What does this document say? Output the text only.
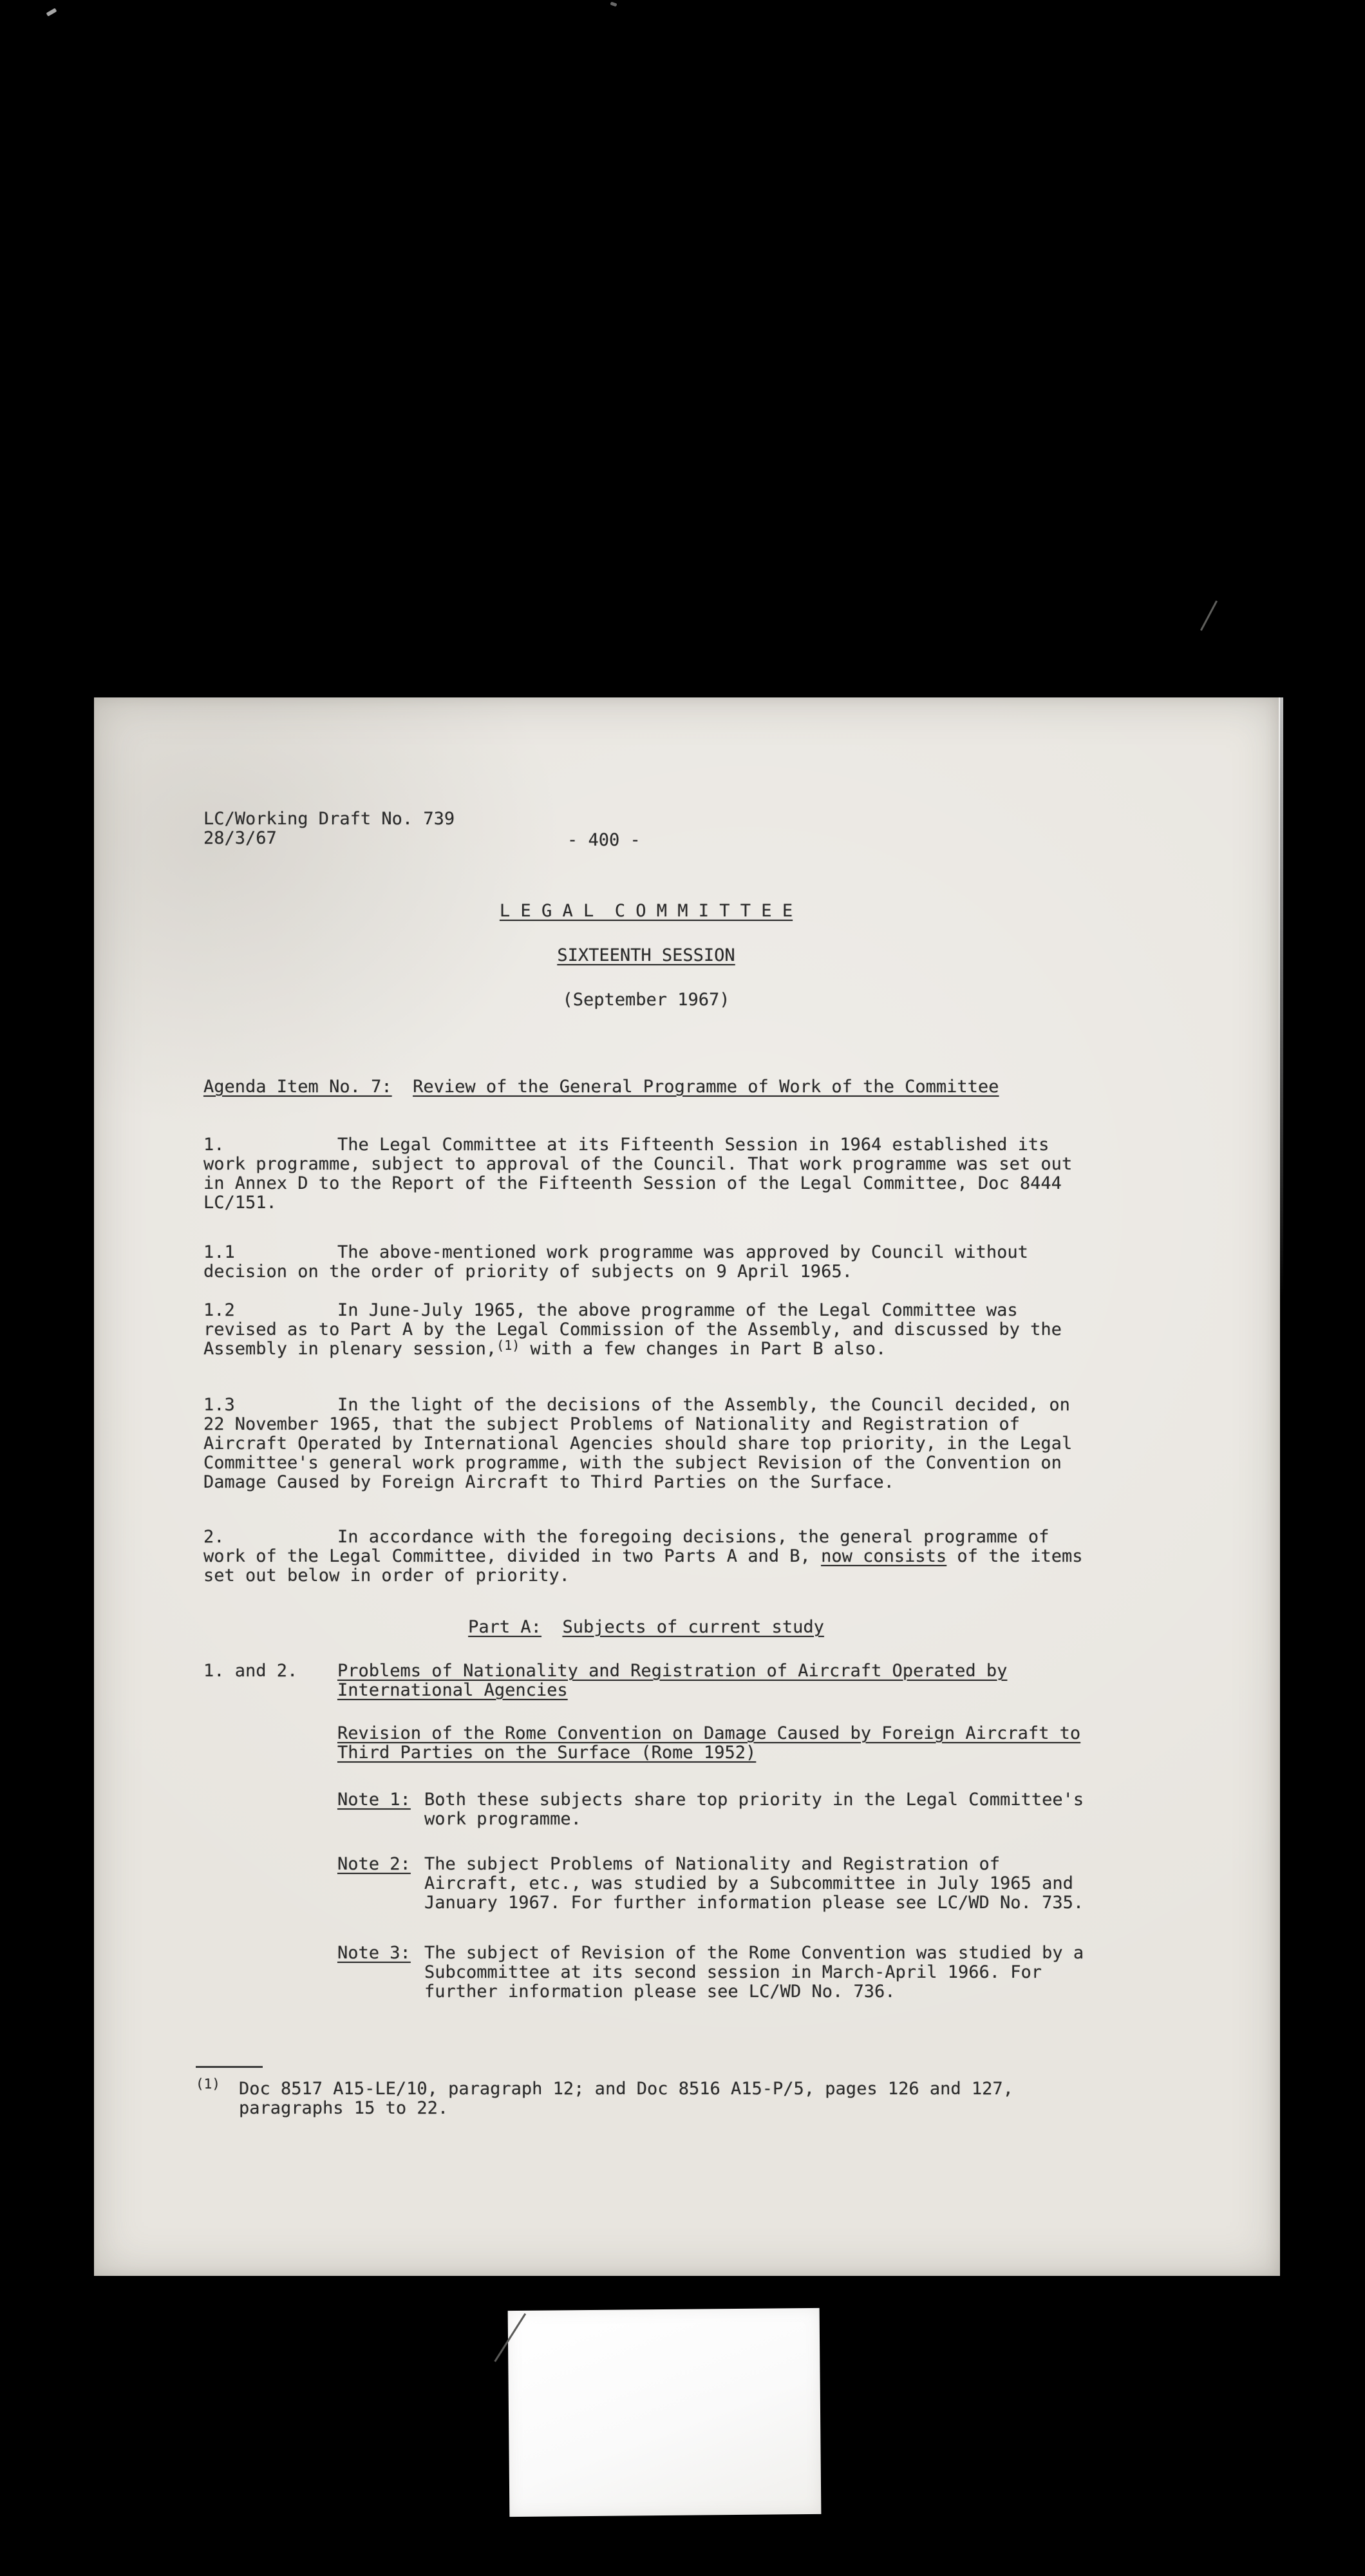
LC/Working Draft No. 739
28/3/67	- 400 -
L E G A L  C O M M I T T E E
SIXTEENTH SESSION
(September 1967)

Agenda Item No. 7: Review of the General Programme of Work of the Committee

1.	The Legal Committee at its Fifteenth Session in 1964 established its work programme, subject to approval of the Council. That work programme was set out in Annex D to the Report of the Fifteenth Session of the Legal Committee, Doc 8444 LC/151.

1.1	The above-mentioned work programme was approved by Council without decision on the order of priority of subjects on 9 April 1965.

1.2	In June-July 1965, the above programme of the Legal Committee was revised as to Part A by the Legal Commission of the Assembly, and discussed by the Assembly in plenary session,$^{(1)}$ with a few changes in Part B also.

1.3	In the light of the decisions of the Assembly, the Council decided, on 22 November 1965, that the subject Problems of Nationality and Registration of Aircraft Operated by International Agencies should share top priority, in the Legal Committee's general work programme, with the subject Revision of the Convention on Damage Caused by Foreign Aircraft to Third Parties on the Surface.

2.	In accordance with the foregoing decisions, the general programme of work of the Legal Committee, divided in two Parts A and B, now consists of the items set out below in order of priority.

Part A: Subjects of current study

1. and 2. Problems of Nationality and Registration of Aircraft Operated by International Agencies
Revision of the Rome Convention on Damage Caused by Foreign Aircraft to Third Parties on the Surface (Rome 1952)
Note 1: Both these subjects share top priority in the Legal Committee's work programme.
Note 2: The subject Problems of Nationality and Registration of Aircraft, etc., was studied by a Subcommittee in July 1965 and January 1967. For further information please see LC/WD No. 735.
Note 3: The subject of Revision of the Rome Convention was studied by a Subcommittee at its second session in March-April 1966. For further information please see LC/WD No. 736.
(1) Doc 8517 A15-LE/10, paragraph 12; and Doc 8516 A15-P/5, pages 126 and 127, paragraphs 15 to 22.
